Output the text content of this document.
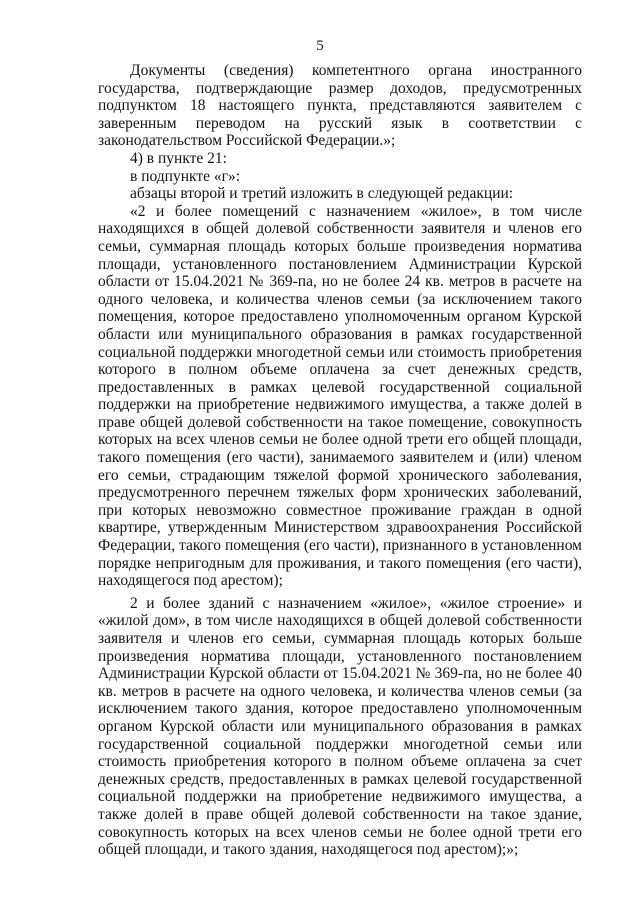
5

Документы (сведения) компетентного органа иностранного государства, подтверждающие размер доходов, предусмотренных подпунктом 18 настоящего пункта, представляются заявителем с заверенным переводом на русский язык в соответствии с законодательством Российской Федерации.»;

4) в пункте 21:

в подпункте «г»:

абзацы второй и третий изложить в следующей редакции:

«2 и более помещений с назначением «жилое», в том числе находящихся в общей долевой собственности заявителя и членов его семьи, суммарная площадь которых больше произведения норматива площади, установленного постановлением Администрации Курской области от 15.04.2021 № 369-па, но не более 24 кв. метров в расчете на одного человека, и количества членов семьи (за исключением такого помещения, которое предоставлено уполномоченным органом Курской области или муниципального образования в рамках государственной социальной поддержки многодетной семьи или стоимость приобретения которого в полном объеме оплачена за счет денежных средств, предоставленных в рамках целевой государственной социальной поддержки на приобретение недвижимого имущества, а также долей в праве общей долевой собственности на такое помещение, совокупность которых на всех членов семьи не более одной трети его общей площади, такого помещения (его части), занимаемого заявителем и (или) членом его семьи, страдающим тяжелой формой хронического заболевания, предусмотренного перечнем тяжелых форм хронических заболеваний, при которых невозможно совместное проживание граждан в одной квартире, утвержденным Министерством здравоохранения Российской Федерации, такого помещения (его части), признанного в установленном порядке непригодным для проживания, и такого помещения (его части), находящегося под арестом);

2 и более зданий с назначением «жилое», «жилое строение» и «жилой дом», в том числе находящихся в общей долевой собственности заявителя и членов его семьи, суммарная площадь которых больше произведения норматива площади, установленного постановлением Администрации Курской области от 15.04.2021 № 369-па, но не более 40 кв. метров в расчете на одного человека, и количества членов семьи (за исключением такого здания, которое предоставлено уполномоченным органом Курской области или муниципального образования в рамках государственной социальной поддержки многодетной семьи или стоимость приобретения которого в полном объеме оплачена за счет денежных средств, предоставленных в рамках целевой государственной социальной поддержки на приобретение недвижимого имущества, а также долей в праве общей долевой собственности на такое здание, совокупность которых на всех членов семьи не более одной трети его общей площади, и такого здания, находящегося под арестом);»;
